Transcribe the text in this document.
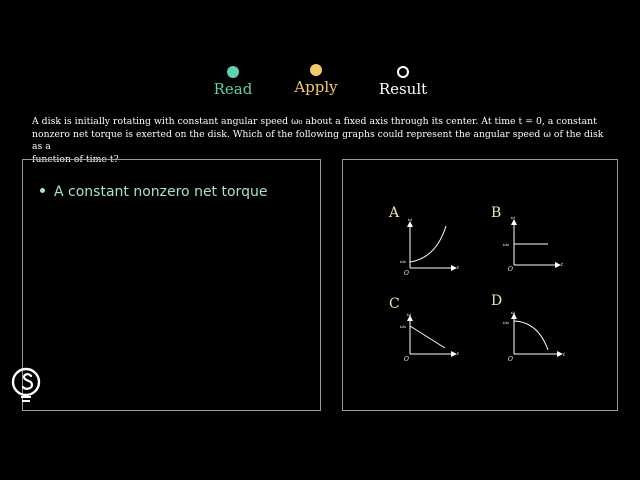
Read	Apply	Result
A disk is initially rotating with constant angular speed ω₀ about a fixed axis through its center. At time t = 0, a constant
nonzero net torque is exerted on the disk. Which of the following graphs could represent the angular speed ω of the disk as a
function of time t?
A constant nonzero net torque
A ω
t
O
ω₀
B ω
t
O
ω₀
C
ω
t
O
ω₀
D
ω
t
O
ω₀
